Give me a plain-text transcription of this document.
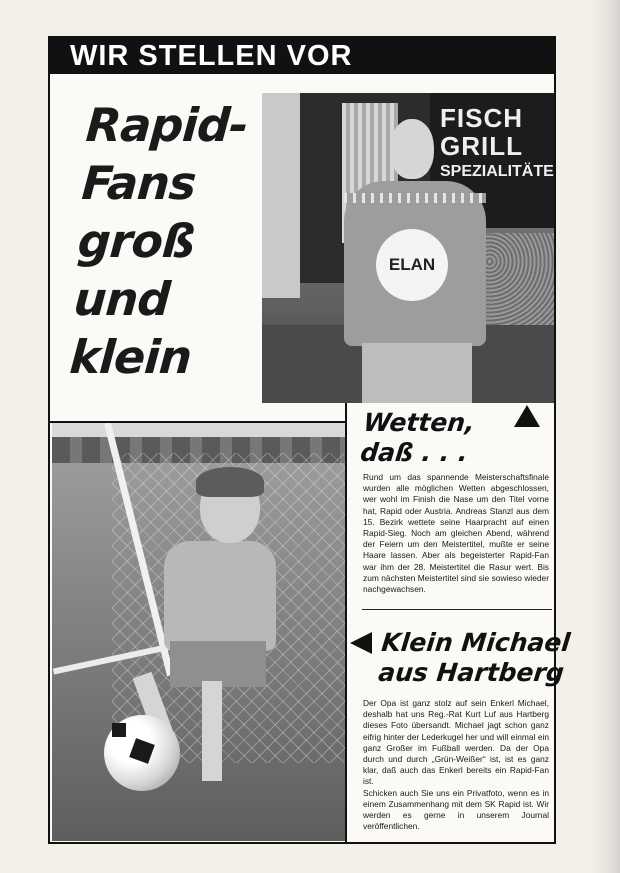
WIR STELLEN VOR
Rapid-
Fans
groß
und
klein
FISCH
GRILL
SPEZIALITÄTE
ELAN
Wetten, daß . . .
Rund um das spannende Meisterschaftsfinale wurden alle möglichen Wetten abgeschlossen, wer wohl im Finish die Nase um den Titel vorne hat, Rapid oder Austria. Andreas Stanzl aus dem 15. Bezirk wettete seine Haarpracht auf einen Rapid-Sieg. Noch am gleichen Abend, während der Feiern um den Meistertitel, mußte er seine Haare lassen. Aber als begeisterter Rapid-Fan war ihm der 28. Meistertitel die Rasur wert. Bis zum nächsten Meistertitel sind sie sowieso wieder nachgewachsen.
Klein Michael
aus Hartberg

Der Opa ist ganz stolz auf sein Enkerl Michael, deshalb hat uns Reg.-Rat Kurt Luf aus Hartberg dieses Foto übersandt. Michael jagt schon ganz eifrig hinter der Lederkugel her und will einmal ein ganz Großer im Fußball werden. Da der Opa durch und durch „Grün-Weißer“ ist, ist es ganz klar, daß auch das Enkerl bereits ein Rapid-Fan ist.

Schicken auch Sie uns ein Privatfoto, wenn es in einem Zusammenhang mit dem SK Rapid ist. Wir werden es gerne in unserem Journal veröffentlichen.
